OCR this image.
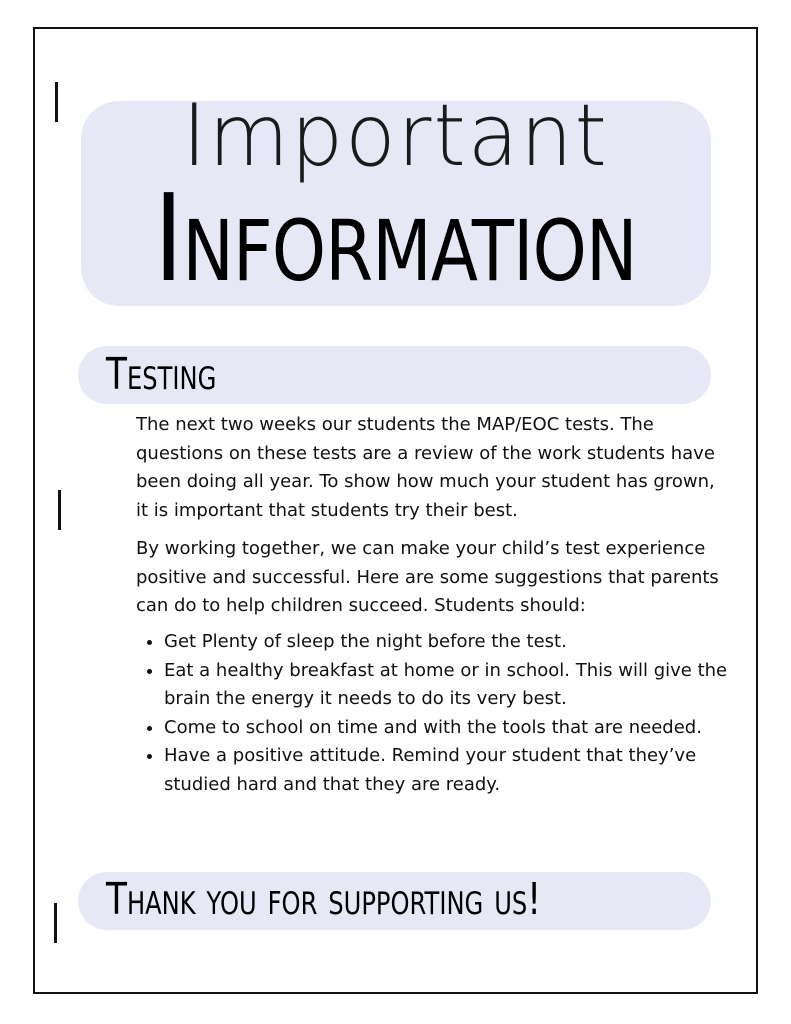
Important
Information
Testing
The next two weeks our students the MAP/EOC tests. The questions on these tests are a review of the work students have been doing all year. To show how much your student has grown, it is important that students try their best.
By working together, we can make your child’s test experience positive and successful. Here are some suggestions that parents can do to help children succeed. Students should:
• Get Plenty of sleep the night before the test.
• Eat a healthy breakfast at home or in school. This will give the brain the energy it needs to do its very best.
• Come to school on time and with the tools that are needed.
• Have a positive attitude. Remind your student that they’ve studied hard and that they are ready.
Thank you for supporting us!
